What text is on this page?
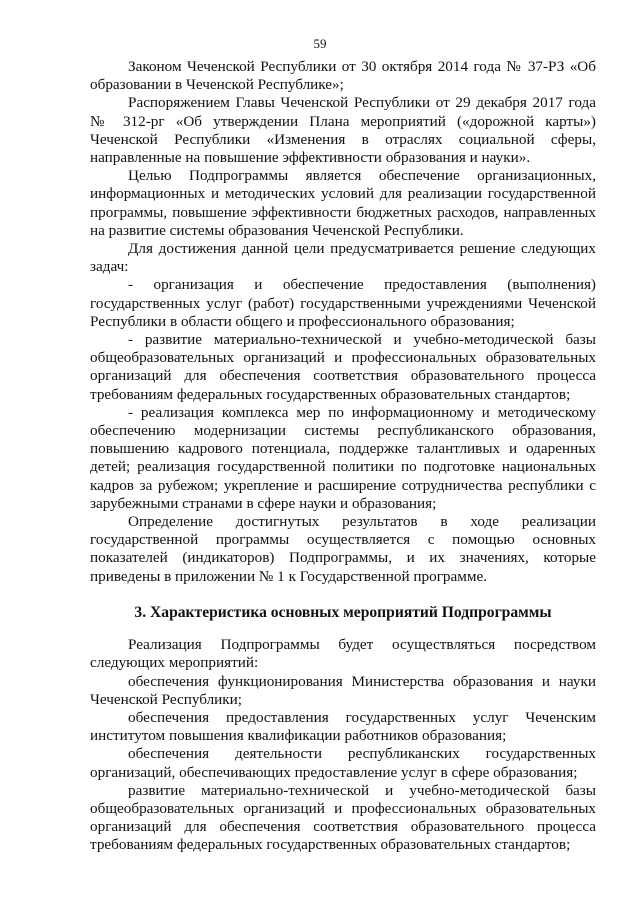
59

Законом Чеченской Республики от 30 октября 2014 года № 37-РЗ «Об образовании в Чеченской Республике»;

Распоряжением Главы Чеченской Республики от 29 декабря 2017 года № 312-рг «Об утверждении Плана мероприятий («дорожной карты») Чеченской Республики «Изменения в отраслях социальной сферы, направленные на повышение эффективности образования и науки».

Целью Подпрограммы является обеспечение организационных, информационных и методических условий для реализации государственной программы, повышение эффективности бюджетных расходов, направленных на развитие системы образования Чеченской Республики.

Для достижения данной цели предусматривается решение следующих задач:

- организация и обеспечение предоставления (выполнения) государственных услуг (работ) государственными учреждениями Чеченской Республики в области общего и профессионального образования;

- развитие материально-технической и учебно-методической базы общеобразовательных организаций и профессиональных образовательных организаций для обеспечения соответствия образовательного процесса требованиям федеральных государственных образовательных стандартов;

- реализация комплекса мер по информационному и методическому обеспечению модернизации системы республиканского образования, повышению кадрового потенциала, поддержке талантливых и одаренных детей; реализация государственной политики по подготовке национальных кадров за рубежом; укрепление и расширение сотрудничества республики с зарубежными странами в сфере науки и образования;

Определение достигнутых результатов в ходе реализации государственной программы осуществляется с помощью основных показателей (индикаторов) Подпрограммы, и их значениях, которые приведены в приложении № 1 к Государственной программе.

3. Характеристика основных мероприятий Подпрограммы

Реализация Подпрограммы будет осуществляться посредством следующих мероприятий:

обеспечения функционирования Министерства образования и науки Чеченской Республики;

обеспечения предоставления государственных услуг Чеченским институтом повышения квалификации работников образования;

обеспечения деятельности республиканских государственных организаций, обеспечивающих предоставление услуг в сфере образования;

развитие материально-технической и учебно-методической базы общеобразовательных организаций и профессиональных образовательных организаций для обеспечения соответствия образовательного процесса требованиям федеральных государственных образовательных стандартов;
